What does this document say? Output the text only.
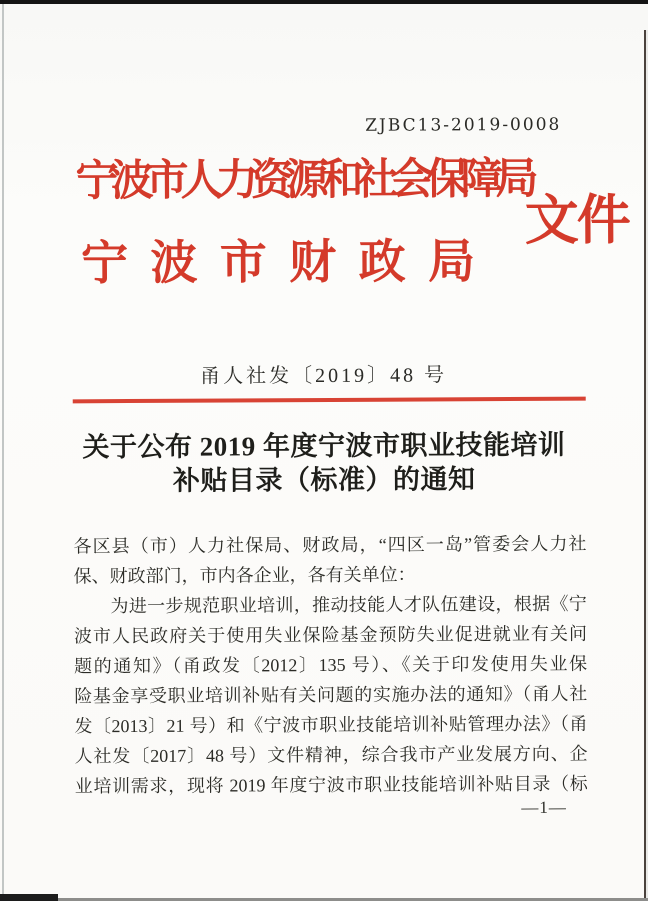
ZJBC13-2019-0008
宁波市人力资源和社会保障局
宁波市财政局
文件
甬人社发〔2019〕48 号
关于公布 2019 年度宁波市职业技能培训
补贴目录（标准）的通知
各区县（市）人力社保局、财政局，“四区一岛”管委会人力社
保、财政部门，市内各企业，各有关单位：
　　为进一步规范职业培训，推动技能人才队伍建设，根据《宁
波市人民政府关于使用失业保险基金预防失业促进就业有关问
题的通知》（甬政发〔2012〕135 号）、《关于印发使用失业保
险基金享受职业培训补贴有关问题的实施办法的通知》（甬人社
发〔2013〕21 号）和《宁波市职业技能培训补贴管理办法》（甬
人社发〔2017〕48 号）文件精神，综合我市产业发展方向、企
业培训需求，现将 2019 年度宁波市职业技能培训补贴目录（标
—1—
